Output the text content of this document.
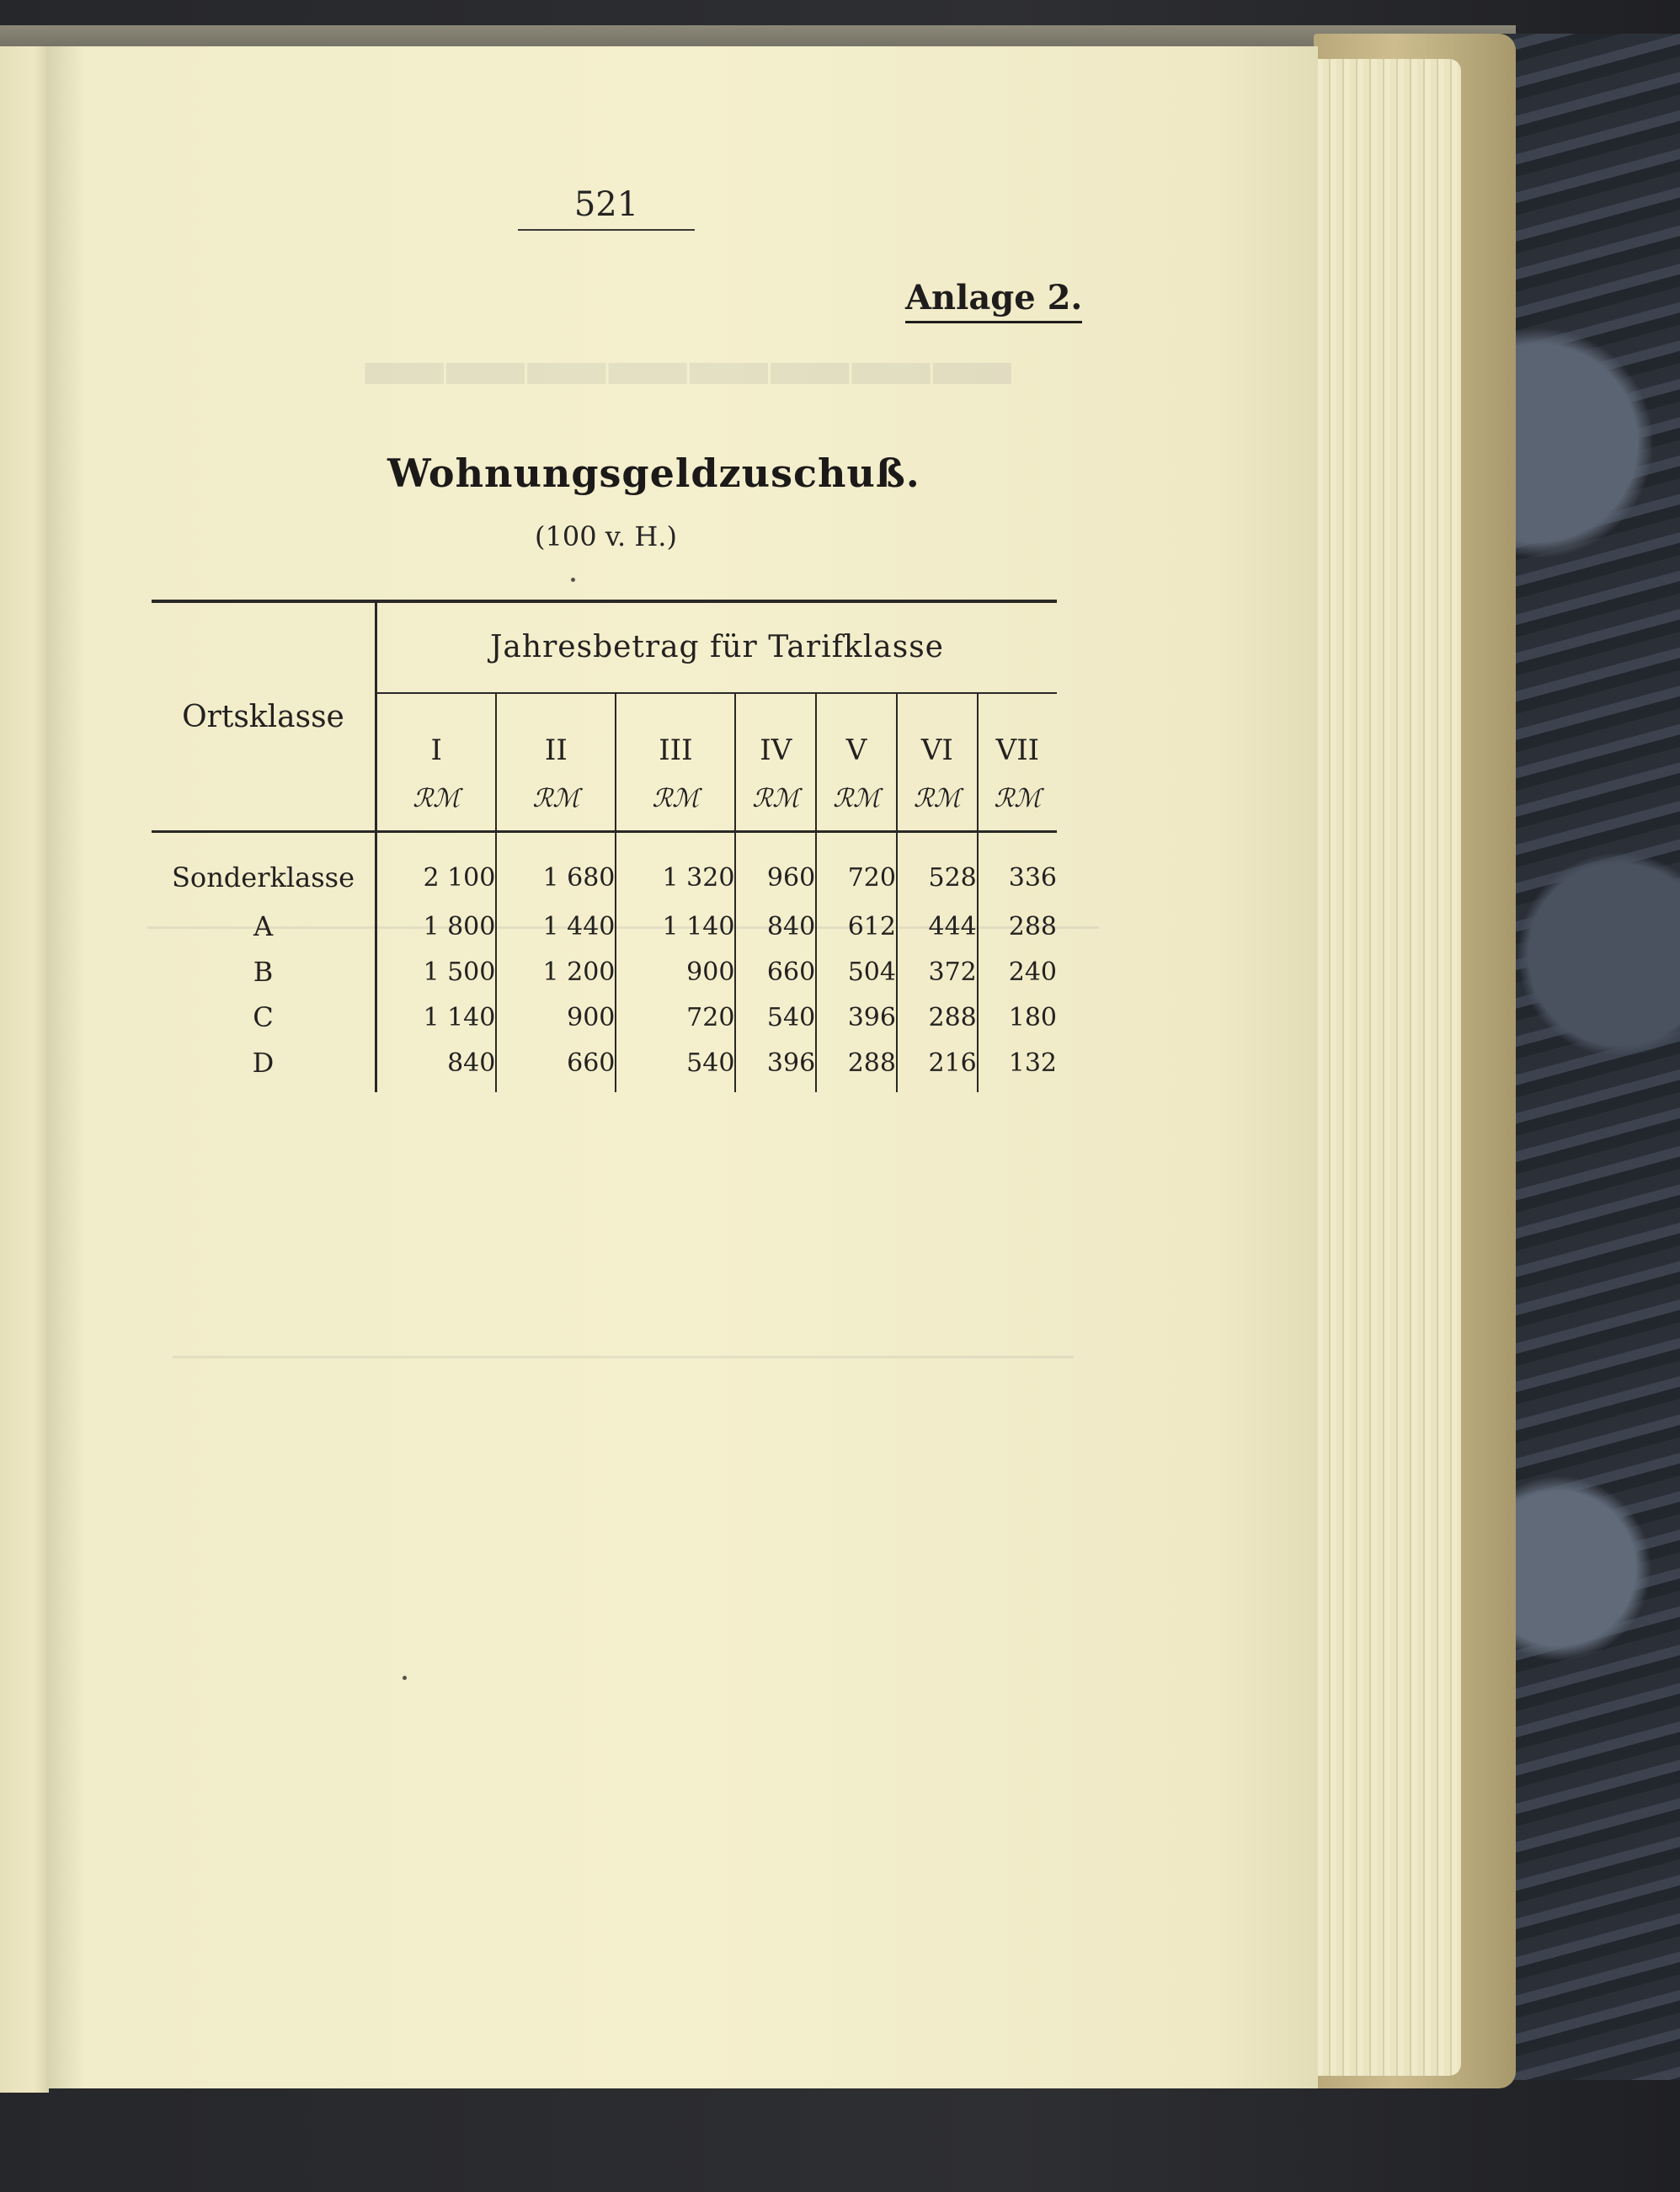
━━━━━━━━
521
Anlage 2.
Wohnungsgeldzuschuß.
(100 v. H.)
Ortsklasse	Jahresbetrag für Tarifklasse						
	I	II	III	IV	V	VI	VII
	ℛℳ	ℛℳ	ℛℳ	ℛℳ	ℛℳ	ℛℳ	ℛℳ
Sonderklasse	2 100	1 680	1 320	960	720	528	336
A	1 800	1 440	1 140	840	612	444	288
B	1 500	1 200	900	660	504	372	240
C	1 140	900	720	540	396	288	180
D	840	660	540	396	288	216	132
